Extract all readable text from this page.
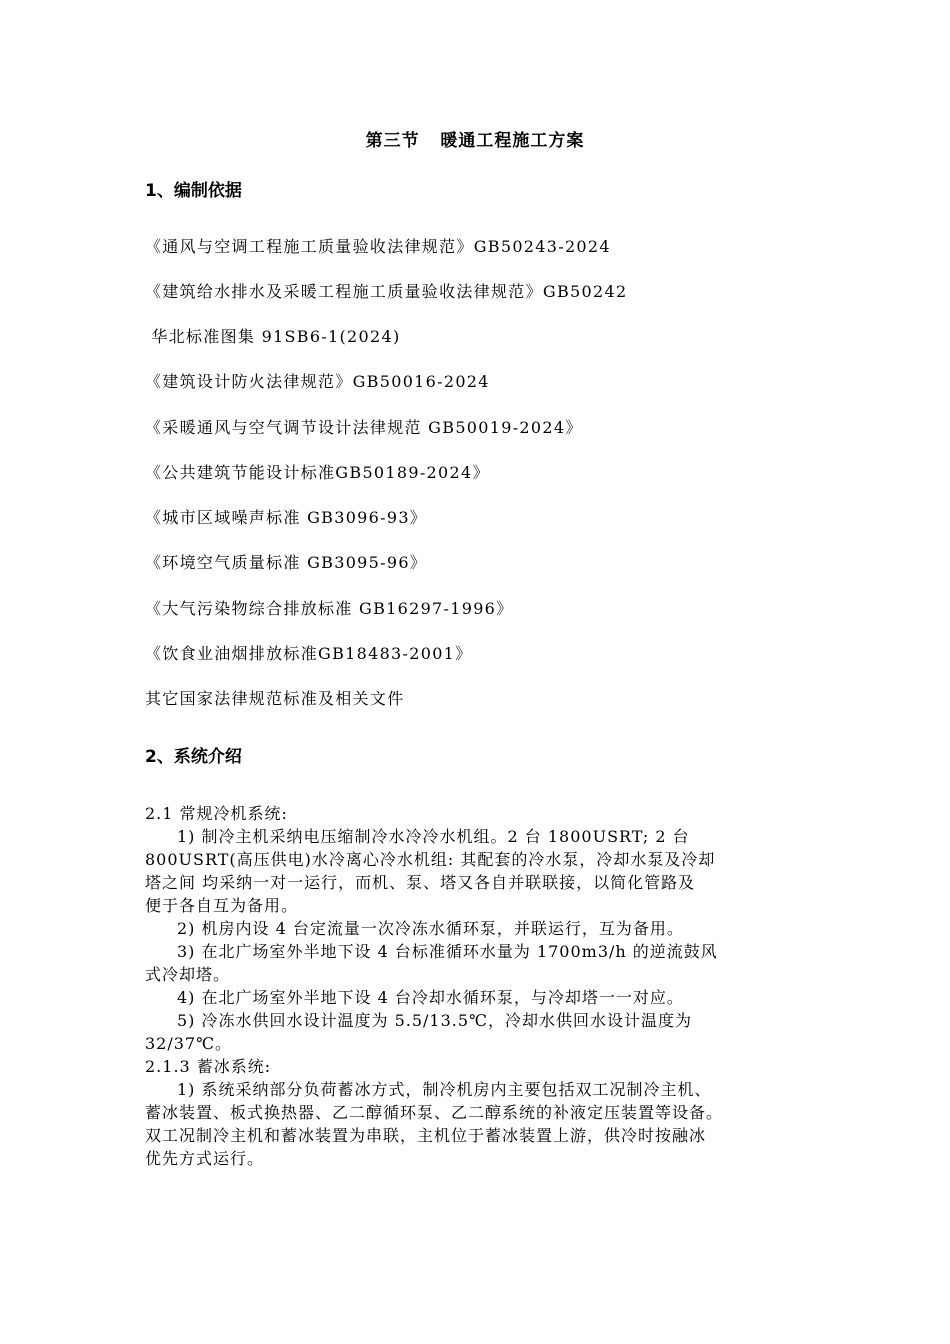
第三节   暖通工程施工方案
1、编制依据
《通风与空调工程施工质量验收法律规范》GB50243-2024
《建筑给水排水及采暖工程施工质量验收法律规范》GB50242
华北标准图集 91SB6-1(2024)
《建筑设计防火法律规范》GB50016-2024
《采暖通风与空气调节设计法律规范 GB50019-2024》
《公共建筑节能设计标准GB50189-2024》
《城市区域噪声标准 GB3096-93》
《环境空气质量标准 GB3095-96》
《大气污染物综合排放标准 GB16297-1996》
《饮食业油烟排放标准GB18483-2001》
其它国家法律规范标准及相关文件
2、系统介绍

2.1 常规冷机系统:

1) 制冷主机采纳电压缩制冷水冷冷水机组。2 台 1800USRT; 2 台

800USRT(高压供电)水冷离心冷水机组: 其配套的冷水泵，冷却水泵及冷却

塔之间 均采纳一对一运行，而机、泵、塔又各自并联联接，以简化管路及

便于各自互为备用。

2) 机房内设 4 台定流量一次冷冻水循环泵，并联运行，互为备用。

3) 在北广场室外半地下设 4 台标准循环水量为 1700m3/h 的逆流鼓风

式冷却塔。

4) 在北广场室外半地下设 4 台冷却水循环泵，与冷却塔一一对应。

5) 冷冻水供回水设计温度为 5.5/13.5℃，冷却水供回水设计温度为

32/37℃。

2.1.3 蓄冰系统:

1) 系统采纳部分负荷蓄冰方式，制冷机房内主要包括双工况制冷主机、

蓄冰装置、板式换热器、乙二醇循环泵、乙二醇系统的补液定压装置等设备。

双工况制冷主机和蓄冰装置为串联，主机位于蓄冰装置上游，供冷时按融冰

优先方式运行。
